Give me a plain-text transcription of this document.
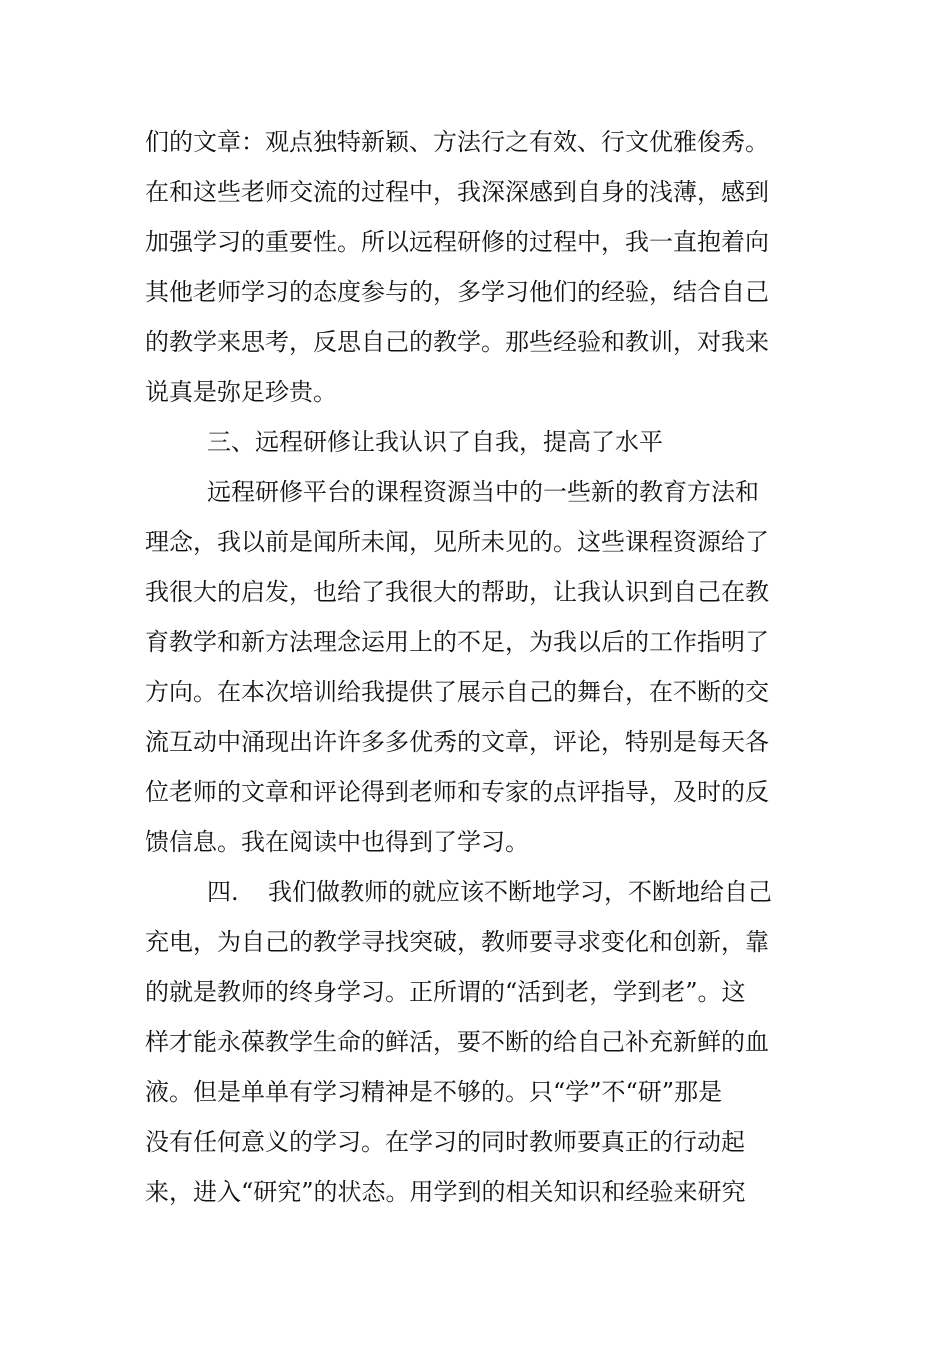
们的文章：观点独特新颖、方法行之有效、行文优雅俊秀。
在和这些老师交流的过程中，我深深感到自身的浅薄，感到
加强学习的重要性。所以远程研修的过程中，我一直抱着向
其他老师学习的态度参与的，多学习他们的经验，结合自己
的教学来思考，反思自己的教学。那些经验和教训，对我来
说真是弥足珍贵。
三、远程研修让我认识了自我，提高了水平
远程研修平台的课程资源当中的一些新的教育方法和
理念，我以前是闻所未闻，见所未见的。这些课程资源给了
我很大的启发，也给了我很大的帮助，让我认识到自己在教
育教学和新方法理念运用上的不足，为我以后的工作指明了
方向。在本次培训给我提供了展示自己的舞台，在不断的交
流互动中涌现出许许多多优秀的文章，评论，特别是每天各
位老师的文章和评论得到老师和专家的点评指导，及时的反
馈信息。我在阅读中也得到了学习。
四. 我们做教师的就应该不断地学习，不断地给自己
充电，为自己的教学寻找突破，教师要寻求变化和创新，靠
的就是教师的终身学习。正所谓的“活到老，学到老”。这
样才能永葆教学生命的鲜活，要不断的给自己补充新鲜的血
液。但是单单有学习精神是不够的。只“学”不“研”那是
没有任何意义的学习。在学习的同时教师要真正的行动起
来，进入“研究”的状态。用学到的相关知识和经验来研究
